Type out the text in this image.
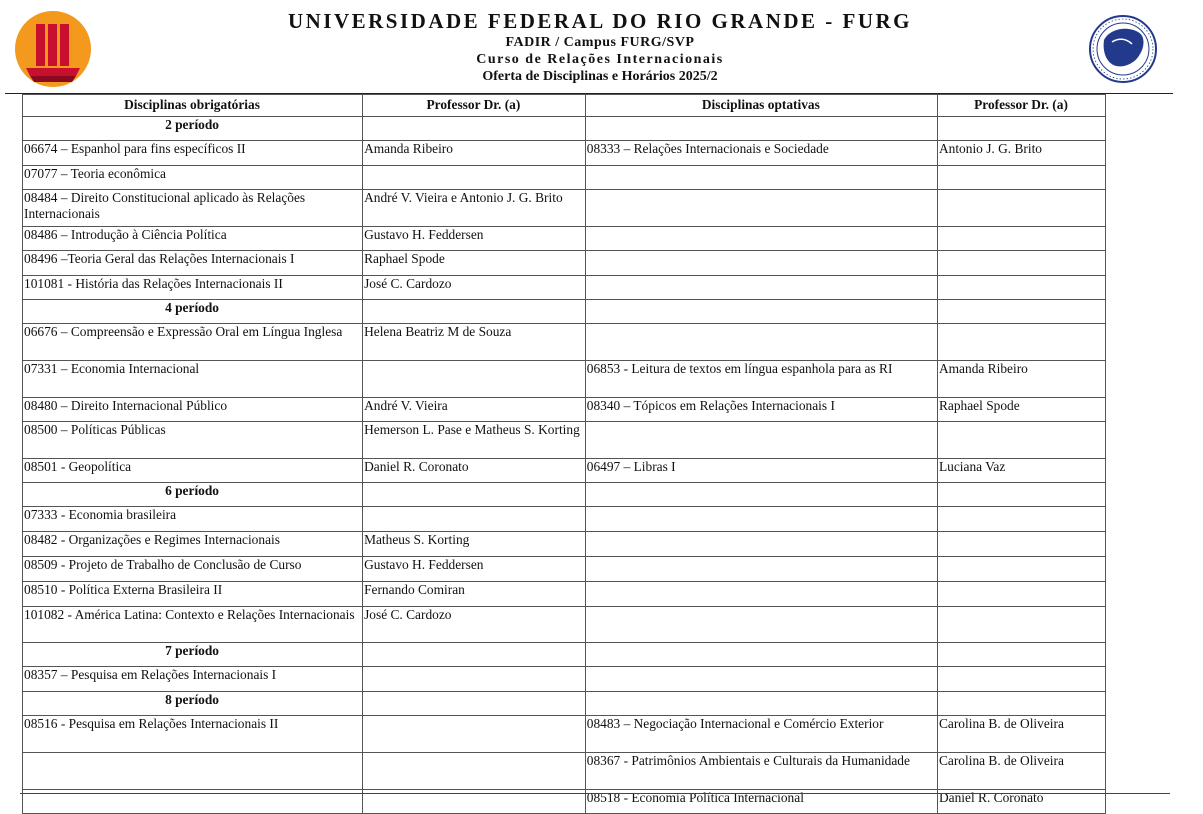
UNIVERSIDADE FEDERAL DO RIO GRANDE - FURG
FADIR / Campus FURG/SVP
Curso de Relações Internacionais
Oferta de Disciplinas e Horários 2025/2
Disciplinas obrigatórias	Professor Dr. (a)	Disciplinas optativas	Professor Dr. (a)
2 período			
06674 – Espanhol para fins específicos II	Amanda Ribeiro	08333 – Relações Internacionais e Sociedade	Antonio J. G. Brito
07077 – Teoria econômica			
08484 – Direito Constitucional aplicado às Relações Internacionais	André V. Vieira e Antonio J. G. Brito		
08486 – Introdução à Ciência Política	Gustavo H. Feddersen		
08496 –Teoria Geral das Relações Internacionais I	Raphael Spode		
101081 - História das Relações Internacionais II	José C. Cardozo		
4 período			
06676 – Compreensão e Expressão Oral em Língua Inglesa	Helena Beatriz M de Souza		
07331 – Economia Internacional		06853 - Leitura de textos em língua espanhola para as RI	Amanda Ribeiro
08480 – Direito Internacional Público	André V. Vieira	08340 – Tópicos em Relações Internacionais I	Raphael Spode
08500 – Políticas Públicas	Hemerson L. Pase e Matheus S. Korting		
08501 - Geopolítica	Daniel R. Coronato	06497 – Libras I	Luciana Vaz
6 período			
07333 - Economia brasileira			
08482 - Organizações e Regimes Internacionais	Matheus S. Korting		
08509 - Projeto de Trabalho de Conclusão de Curso	Gustavo H. Feddersen		
08510 - Política Externa Brasileira II	Fernando Comiran		
101082 - América Latina: Contexto e Relações Internacionais	José C. Cardozo		
7 período			
08357 – Pesquisa em Relações Internacionais I			
8 período			
08516 - Pesquisa em Relações Internacionais II		08483 – Negociação Internacional e Comércio Exterior	Carolina B. de Oliveira
		08367 - Patrimônios Ambientais e Culturais da Humanidade	Carolina B. de Oliveira
		08518 - Economia Política Internacional	Daniel R. Coronato
